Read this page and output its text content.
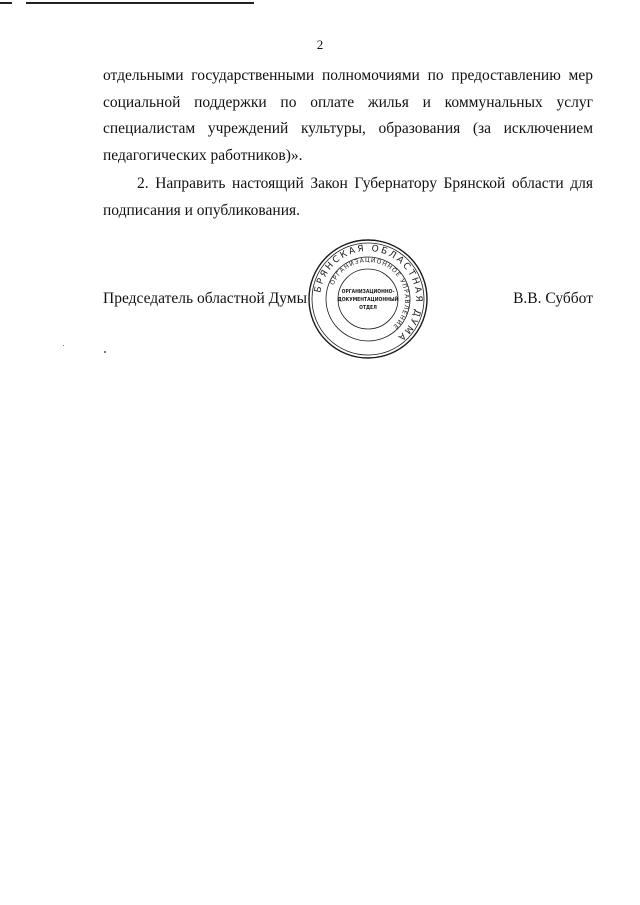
2
отдельными государственными полномочиями по предоставлению мер
социальной поддержки по оплате жилья и коммунальных услуг
специалистам учреждений культуры, образования (за исключением
педагогических работников)».
2. Направить настоящий Закон Губернатору Брянской области для
подписания и опубликования.
Председатель областной Думы	В.В. Суббот
БРЯНСКАЯ ОБЛАСТНАЯ ДУМА
ОРГАНИЗАЦИОННОЕ УПРАВЛЕНИЕ
ОРГАНИЗАЦИОННО-
ДОКУМЕНТАЦИОННЫЙ
ОТДЕЛ
